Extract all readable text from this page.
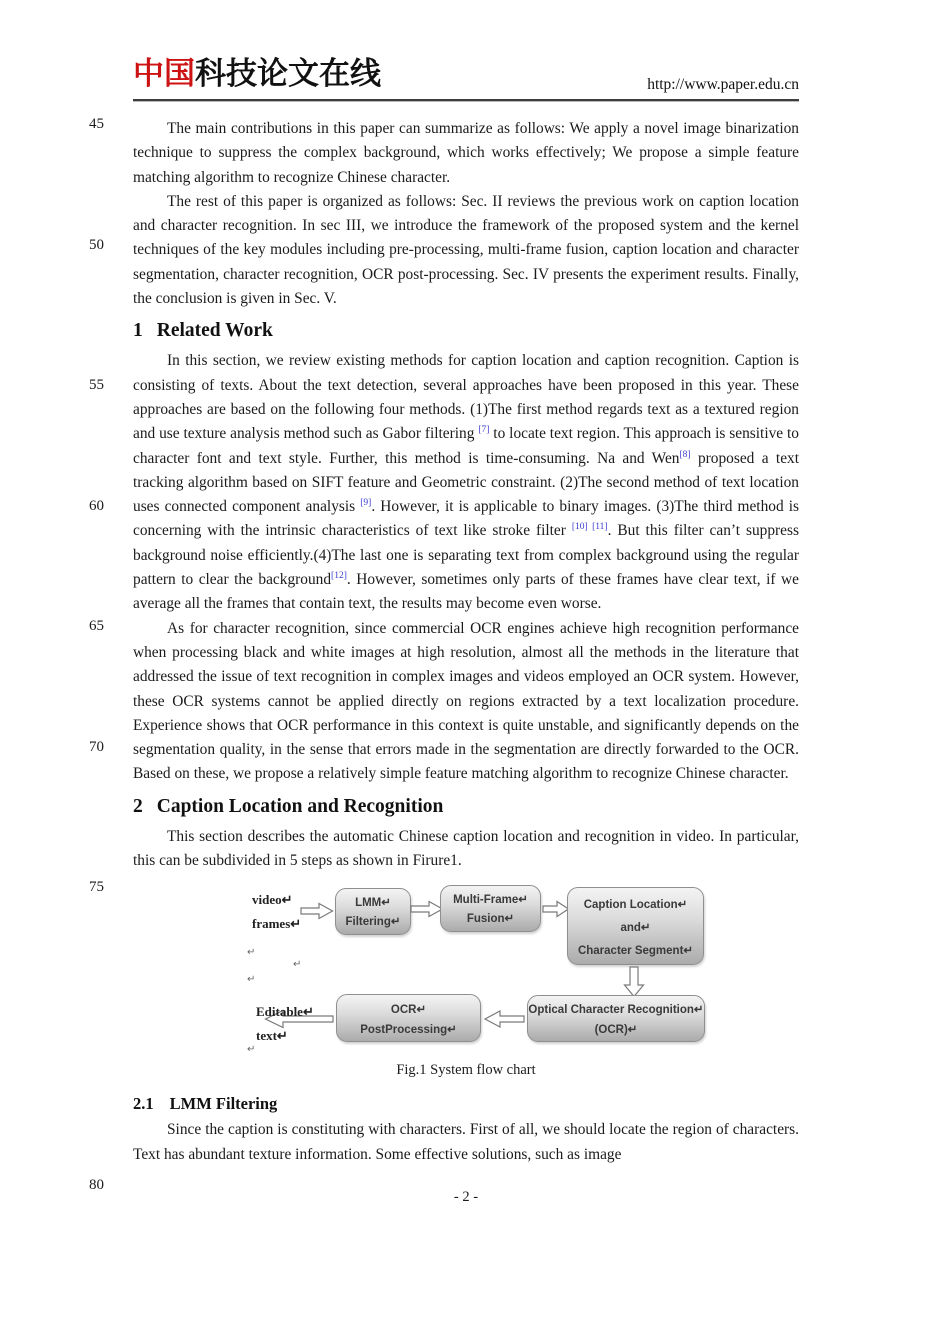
45
50
55
60
65
70
75
80
中国科技论文在线	http://www.paper.edu.cn

The main contributions in this paper can summarize as follows: We apply a novel image binarization technique to suppress the complex background, which works effectively; We propose a simple feature matching algorithm to recognize Chinese character.

The rest of this paper is organized as follows: Sec. II reviews the previous work on caption location and character recognition. In sec III, we introduce the framework of the proposed system and the kernel techniques of the key modules including pre-processing, multi-frame fusion, caption location and character segmentation, character recognition, OCR post-processing. Sec. IV presents the experiment results. Finally, the conclusion is given in Sec. V.

1 Related Work

In this section, we review existing methods for caption location and caption recognition. Caption is consisting of texts. About the text detection, several approaches have been proposed in this year. These approaches are based on the following four methods. (1)The first method regards text as a textured region and use texture analysis method such as Gabor filtering [7] to locate text region. This approach is sensitive to character font and text style. Further, this method is time-consuming. Na and Wen[8] proposed a text tracking algorithm based on SIFT feature and Geometric constraint. (2)The second method of text location uses connected component analysis [9]. However, it is applicable to binary images. (3)The third method is concerning with the intrinsic characteristics of text like stroke filter [10] [11]. But this filter can’t suppress background noise efficiently.(4)The last one is separating text from complex background using the regular pattern to clear the background[12]. However, sometimes only parts of these frames have clear text, if we average all the frames that contain text, the results may become even worse.

As for character recognition, since commercial OCR engines achieve high recognition performance when processing black and white images at high resolution, almost all the methods in the literature that addressed the issue of text recognition in complex images and videos employed an OCR system. However, these OCR systems cannot be applied directly on regions extracted by a text localization procedure. Experience shows that OCR performance in this context is quite unstable, and significantly depends on the segmentation quality, in the sense that errors made in the segmentation are directly forwarded to the OCR. Based on these, we propose a relatively simple feature matching algorithm to recognize Chinese character.

2 Caption Location and Recognition

This section describes the automatic Chinese caption location and recognition in video. In particular, this can be subdivided in 5 steps as shown in Firure1.

video↵
frames↵
LMM↵
Filtering↵
Multi-Frame↵
Fusion↵
Caption Location↵
and↵
Character Segment↵
Optical Character Recognition↵
(OCR)↵
OCR↵
PostProcessing↵
Editable↵
text↵
↵
↵
↵
↵
Fig.1 System flow chart
2.1 LMM Filtering

Since the caption is constituting with characters. First of all, we should locate the region of characters. Text has abundant texture information. Some effective solutions, such as image

- 2 -
